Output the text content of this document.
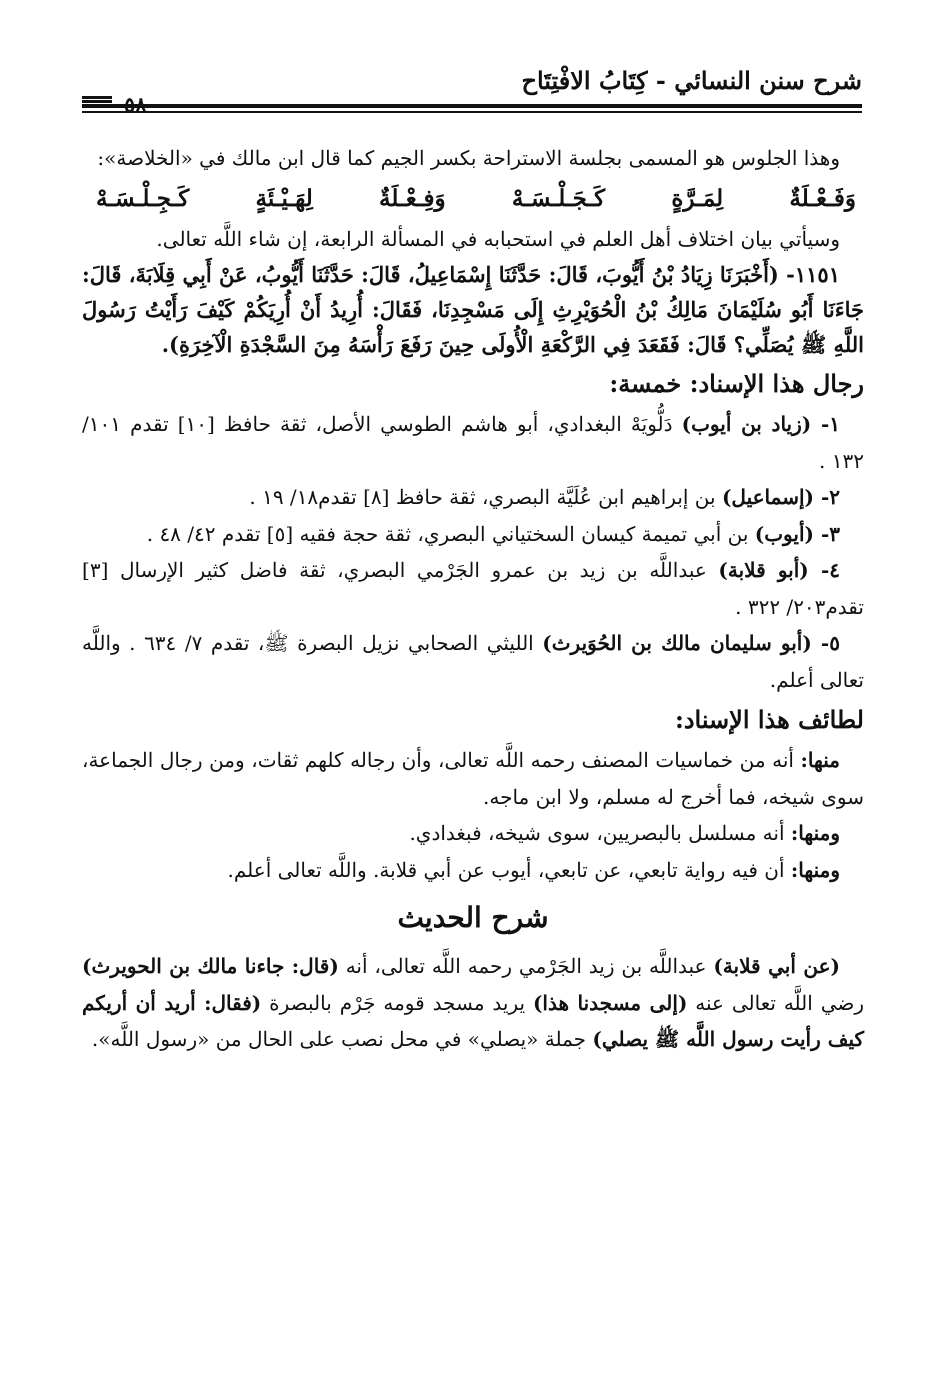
شرح سنن النسائي - كِتَابُ الافْتِتَاح

وهذا الجلوس هو المسمى بجلسة الاستراحة بكسر الجيم كما قال ابن مالك في «الخلاصة»:

وَفَـعْـلَةٌ
لِمَـرَّةٍ
كَـجَـلْـسَـهْ
وَفِـعْـلَةٌ
لِهَـيْـئَةٍ
كَـجِـلْـسَـهْ

وسيأتي بيان اختلاف أهل العلم في استحبابه في المسألة الرابعة، إن شاء اللَّه تعالى.

١١٥١- (أَخْبَرَنَا زِيَادُ بْنُ أَيُّوبَ، قَالَ: حَدَّثَنَا إِسْمَاعِيلُ، قَالَ: حَدَّثَنَا أَيُّوبُ، عَنْ أَبِي قِلَابَةَ، قَالَ: جَاءَنَا أَبُو سُلَيْمَانَ مَالِكُ بْنُ الْحُوَيْرِثِ إِلَى مَسْجِدِنَا، فَقَالَ: أُرِيدُ أَنْ أُرِيَكُمْ كَيْفَ رَأَيْتُ رَسُولَ اللَّهِ ﷺ يُصَلِّي؟ قَالَ: فَقَعَدَ فِي الرَّكْعَةِ الْأُولَى حِينَ رَفَعَ رَأْسَهُ مِنَ السَّجْدَةِ الْآخِرَةِ).

رجال هذا الإسناد: خمسة:

١- (زياد بن أيوب) دَلُّويَهْ البغدادي، أبو هاشم الطوسي الأصل، ثقة حافظ [١٠] تقدم ١٠١/ ١٣٢ .

٢- (إسماعيل) بن إبراهيم ابن عُلَيَّة البصري، ثقة حافظ [٨] تقدم١٨/ ١٩ .

٣- (أيوب) بن أبي تميمة كيسان السختياني البصري، ثقة حجة فقيه [٥] تقدم ٤٢/ ٤٨ .

٤- (أبو قلابة) عبداللَّه بن زيد بن عمرو الجَرْمي البصري، ثقة فاضل كثير الإرسال [٣] تقدم٢٠٣/ ٣٢٢ .

٥- (أبو سليمان مالك بن الحُوَيرث) الليثي الصحابي نزيل البصرة ﷺ، تقدم ٧/ ٦٣٤ . واللَّه تعالى أعلم.

لطائف هذا الإسناد:

منها: أنه من خماسيات المصنف رحمه اللَّه تعالى، وأن رجاله كلهم ثقات، ومن رجال الجماعة، سوى شيخه، فما أخرج له مسلم، ولا ابن ماجه.

ومنها: أنه مسلسل بالبصريين، سوى شيخه، فبغدادي.

ومنها: أن فيه رواية تابعي، عن تابعي، أيوب عن أبي قلابة. واللَّه تعالى أعلم.

شرح الحديث

(عن أبي قلابة) عبداللَّه بن زيد الجَرْمي رحمه اللَّه تعالى، أنه (قال: جاءنا مالك بن الحويرث) رضي اللَّه تعالى عنه (إلى مسجدنا هذا) يريد مسجد قومه جَرْم بالبصرة (فقال: أريد أن أريكم كيف رأيت رسول اللَّه ﷺ يصلي) جملة «يصلي» في محل نصب على الحال من «رسول اللَّه».
